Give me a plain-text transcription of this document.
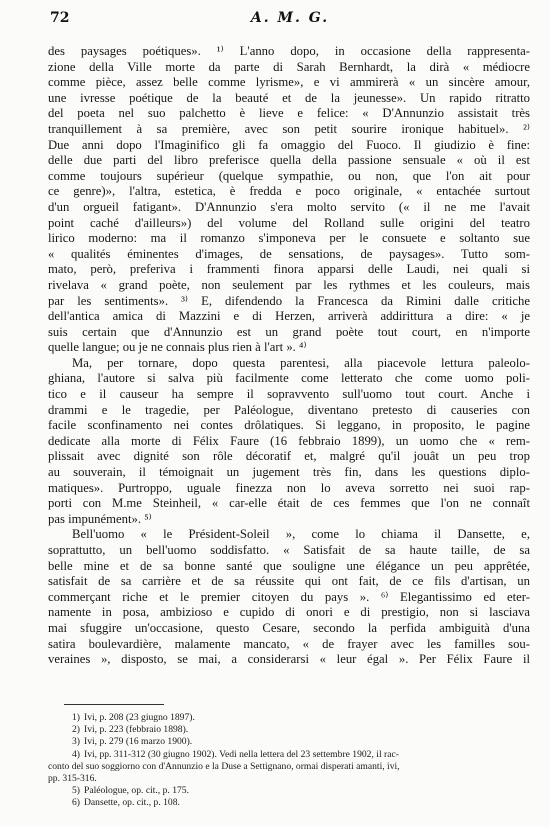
72	A. M. G.
des paysages poétiques». ¹⁾ L'anno dopo, in occasione della rappresenta-
zione della Ville morte da parte di Sarah Bernhardt, la dirà « médiocre
comme pièce, assez belle comme lyrisme», e vi ammirerà « un sincère amour,
une ivresse poétique de la beauté et de la jeunesse». Un rapido ritratto
del poeta nel suo palchetto è lieve e felice: « D'Annunzio assistait très
tranquillement à sa première, avec son petit sourire ironique habituel». ²⁾
Due anni dopo l'Imaginifico gli fa omaggio del Fuoco. Il giudizio è fine:
delle due parti del libro preferisce quella della passione sensuale « où il est
comme toujours supérieur (quelque sympathie, ou non, que l'on ait pour
ce genre)», l'altra, estetica, è fredda e poco originale, « entachée surtout
d'un orgueil fatigant». D'Annunzio s'era molto servito (« il ne me l'avait
point caché d'ailleurs») del volume del Rolland sulle origini del teatro
lirico moderno: ma il romanzo s'imponeva per le consuete e soltanto sue
« qualités éminentes d'images, de sensations, de paysages». Tutto som-
mato, però, preferiva i frammenti finora apparsi delle Laudi, nei quali si
rivelava « grand poète, non seulement par les rythmes et les couleurs, mais
par les sentiments». ³⁾ E, difendendo la Francesca da Rimini dalle critiche
dell'antica amica di Mazzini e di Herzen, arriverà addirittura a dire: « je
suis certain que d'Annunzio est un grand poète tout court, en n'importe
quelle langue; ou je ne connais plus rien à l'art ». ⁴⁾
Ma, per tornare, dopo questa parentesi, alla piacevole lettura paleolo-
ghiana, l'autore si salva più facilmente come letterato che come uomo poli-
tico e il causeur ha sempre il sopravvento sull'uomo tout court. Anche i
drammi e le tragedie, per Paléologue, diventano pretesto di causeries con
facile sconfinamento nei contes drôlatiques. Si leggano, in proposito, le pagine
dedicate alla morte di Félix Faure (16 febbraio 1899), un uomo che « rem-
plissait avec dignité son rôle décoratif et, malgré qu'il jouât un peu trop
au souverain, il témoignait un jugement très fin, dans les questions diplo-
matiques». Purtroppo, uguale finezza non lo aveva sorretto nei suoi rap-
porti con M.me Steinheil, « car-elle était de ces femmes que l'on ne connaît
pas impunément». ⁵⁾
Bell'uomo « le Président-Soleil », come lo chiama il Dansette, e,
soprattutto, un bell'uomo soddisfatto. « Satisfait de sa haute taille, de sa
belle mine et de sa bonne santé que souligne une élégance un peu apprêtée,
satisfait de sa carrière et de sa réussite qui ont fait, de ce fils d'artisan, un
commerçant riche et le premier citoyen du pays ». ⁶⁾ Elegantissimo ed eter-
namente in posa, ambizioso e cupido di onori e di prestigio, non si lasciava
mai sfuggire un'occasione, questo Cesare, secondo la perfida ambiguità d'una
satira boulevardière, malamente mancato, « de frayer avec les familles sou-
veraines », disposto, se mai, a considerarsi « leur égal ». Per Félix Faure il
1) Ivi, p. 208 (23 giugno 1897).
2) Ivi, p. 223 (febbraio 1898).
3) Ivi, p. 279 (16 marzo 1900).
4) Ivi, pp. 311-312 (30 giugno 1902). Vedi nella lettera del 23 settembre 1902, il rac-
conto del suo soggiorno con d'Annunzio e la Duse a Settignano, ormai disperati amanti, ivi,
pp. 315-316.
5) Paléologue, op. cit., p. 175.
6) Dansette, op. cit., p. 108.
